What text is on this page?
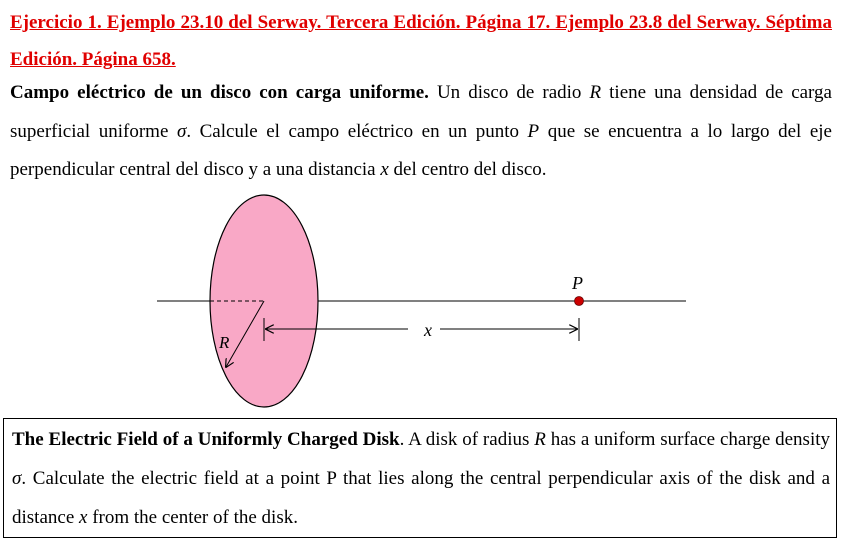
Ejercicio 1. Ejemplo 23.10 del Serway. Tercera Edición. Página 17. Ejemplo 23.8 del Serway. Séptima Edición. Página 658.
Campo eléctrico de un disco con carga uniforme. Un disco de radio R tiene una densidad de carga superficial uniforme σ. Calcule el campo eléctrico en un punto P que se encuentra a lo largo del eje perpendicular central del disco y a una distancia x del centro del disco.
R
x
P
The Electric Field of a Uniformly Charged Disk. A disk of radius R has a uniform surface charge density σ. Calculate the electric field at a point P that lies along the central perpendicular axis of the disk and a distance x from the center of the disk.
